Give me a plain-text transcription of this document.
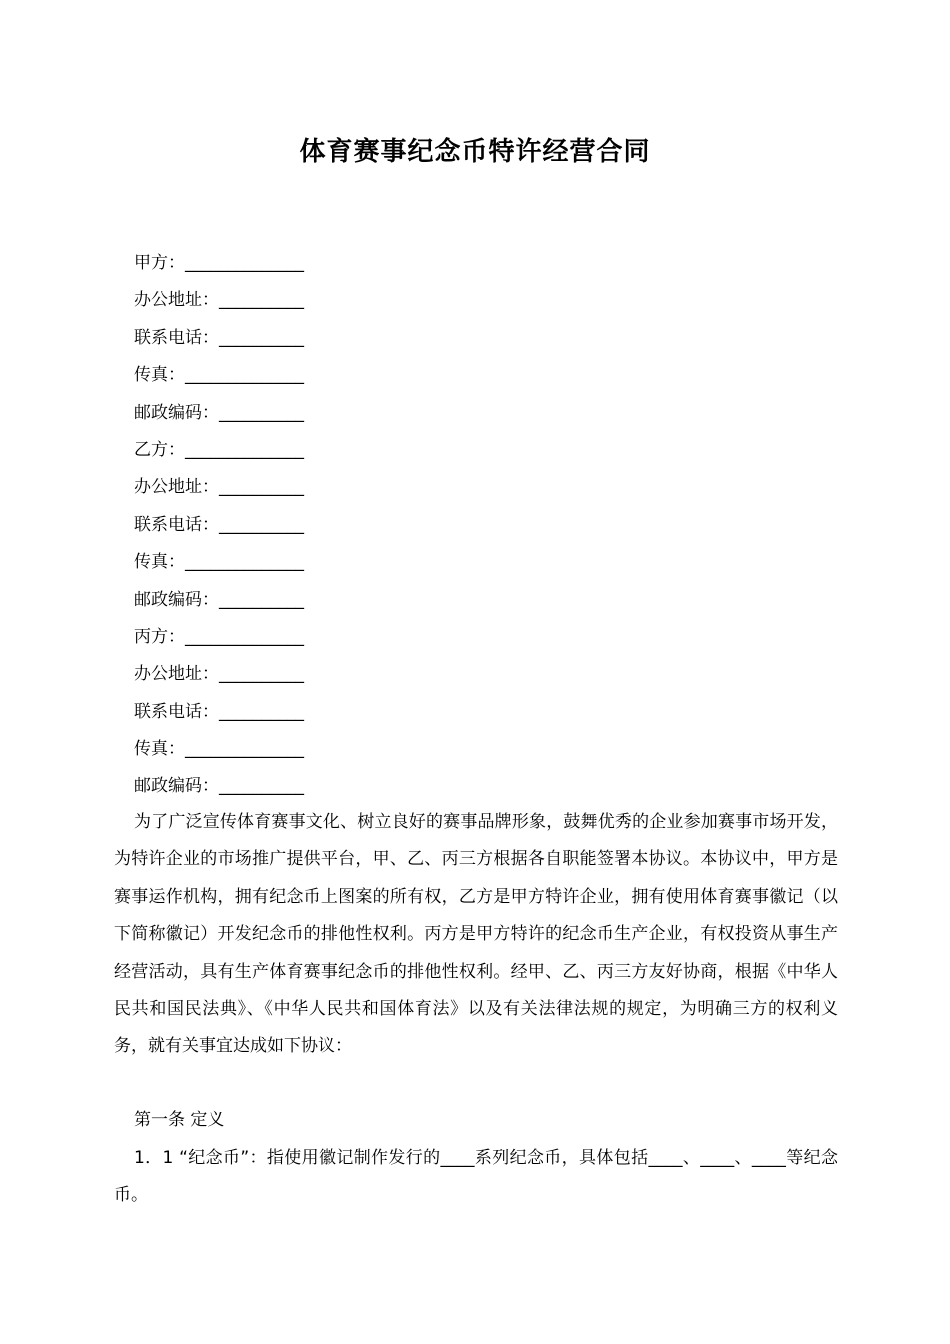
体育赛事纪念币特许经营合同
甲方：______________
办公地址：__________
联系电话：__________
传真：______________
邮政编码：__________
乙方：______________
办公地址：__________
联系电话：__________
传真：______________
邮政编码：__________
丙方：______________
办公地址：__________
联系电话：__________
传真：______________
邮政编码：__________

为了广泛宣传体育赛事文化、树立良好的赛事品牌形象，鼓舞优秀的企业参加赛事市场开发，为特许企业的市场推广提供平台，甲、乙、丙三方根据各自职能签署本协议。本协议中，甲方是赛事运作机构，拥有纪念币上图案的所有权，乙方是甲方特许企业，拥有使用体育赛事徽记（以下简称徽记）开发纪念币的排他性权利。丙方是甲方特许的纪念币生产企业，有权投资从事生产经营活动，具有生产体育赛事纪念币的排他性权利。经甲、乙、丙三方友好协商，根据《中华人民共和国民法典》、《中华人民共和国体育法》以及有关法律法规的规定，为明确三方的权利义务，就有关事宜达成如下协议：

第一条 定义

1．1 “纪念币”：指使用徽记制作发行的____系列纪念币，具体包括____、____、____等纪念币。
